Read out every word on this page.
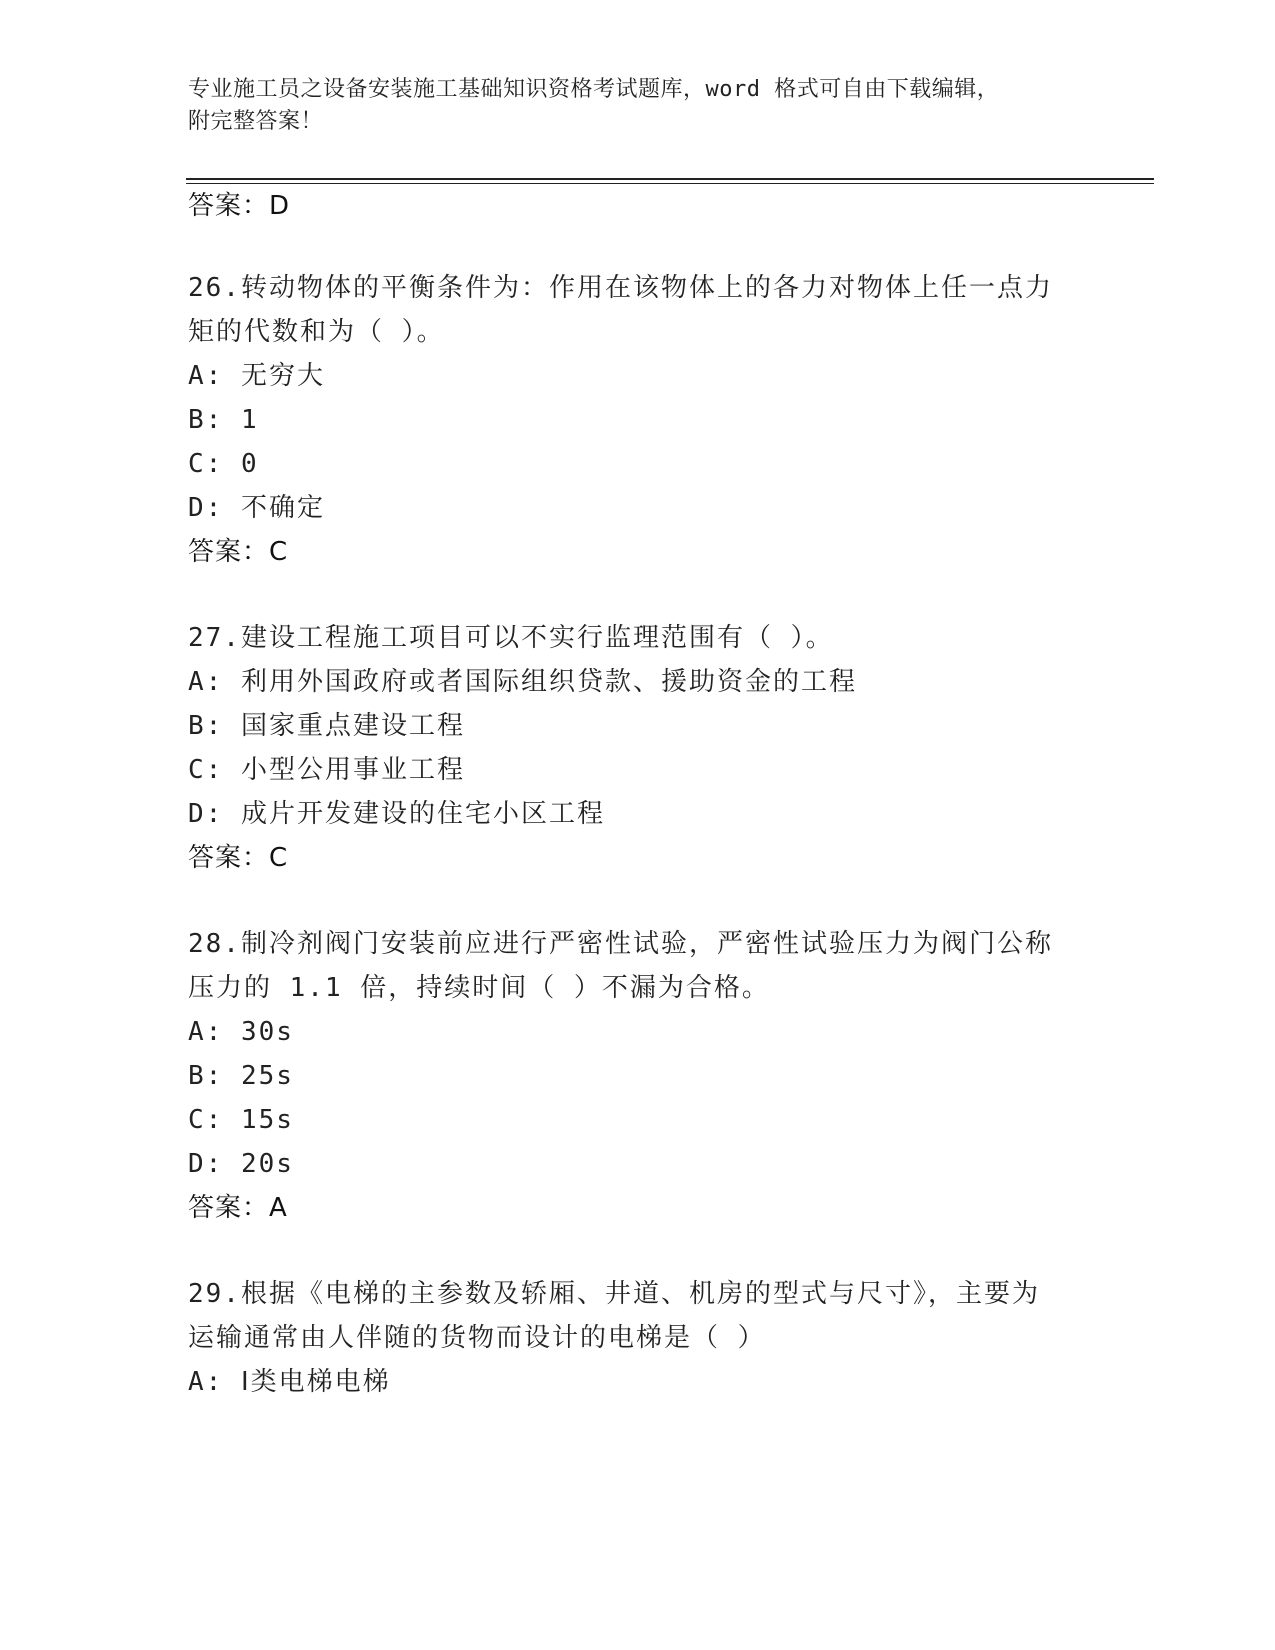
专业施工员之设备安装施工基础知识资格考试题库，word 格式可自由下载编辑，
附完整答案！
答案：D
26.转动物体的平衡条件为：作用在该物体上的各力对物体上任一点力
矩的代数和为（ ）。
A: 无穷大
B: 1
C: 0
D: 不确定
答案：C
27.建设工程施工项目可以不实行监理范围有（ ）。
A: 利用外国政府或者国际组织贷款、援助资金的工程
B: 国家重点建设工程
C: 小型公用事业工程
D: 成片开发建设的住宅小区工程
答案：C
28.制冷剂阀门安装前应进行严密性试验，严密性试验压力为阀门公称
压力的 1.1 倍，持续时间（ ）不漏为合格。
A: 30s
B: 25s
C: 15s
D: 20s
答案：A
29.根据《电梯的主参数及轿厢、井道、机房的型式与尺寸》，主要为
运输通常由人伴随的货物而设计的电梯是（ ）
A: Ⅰ类电梯电梯
